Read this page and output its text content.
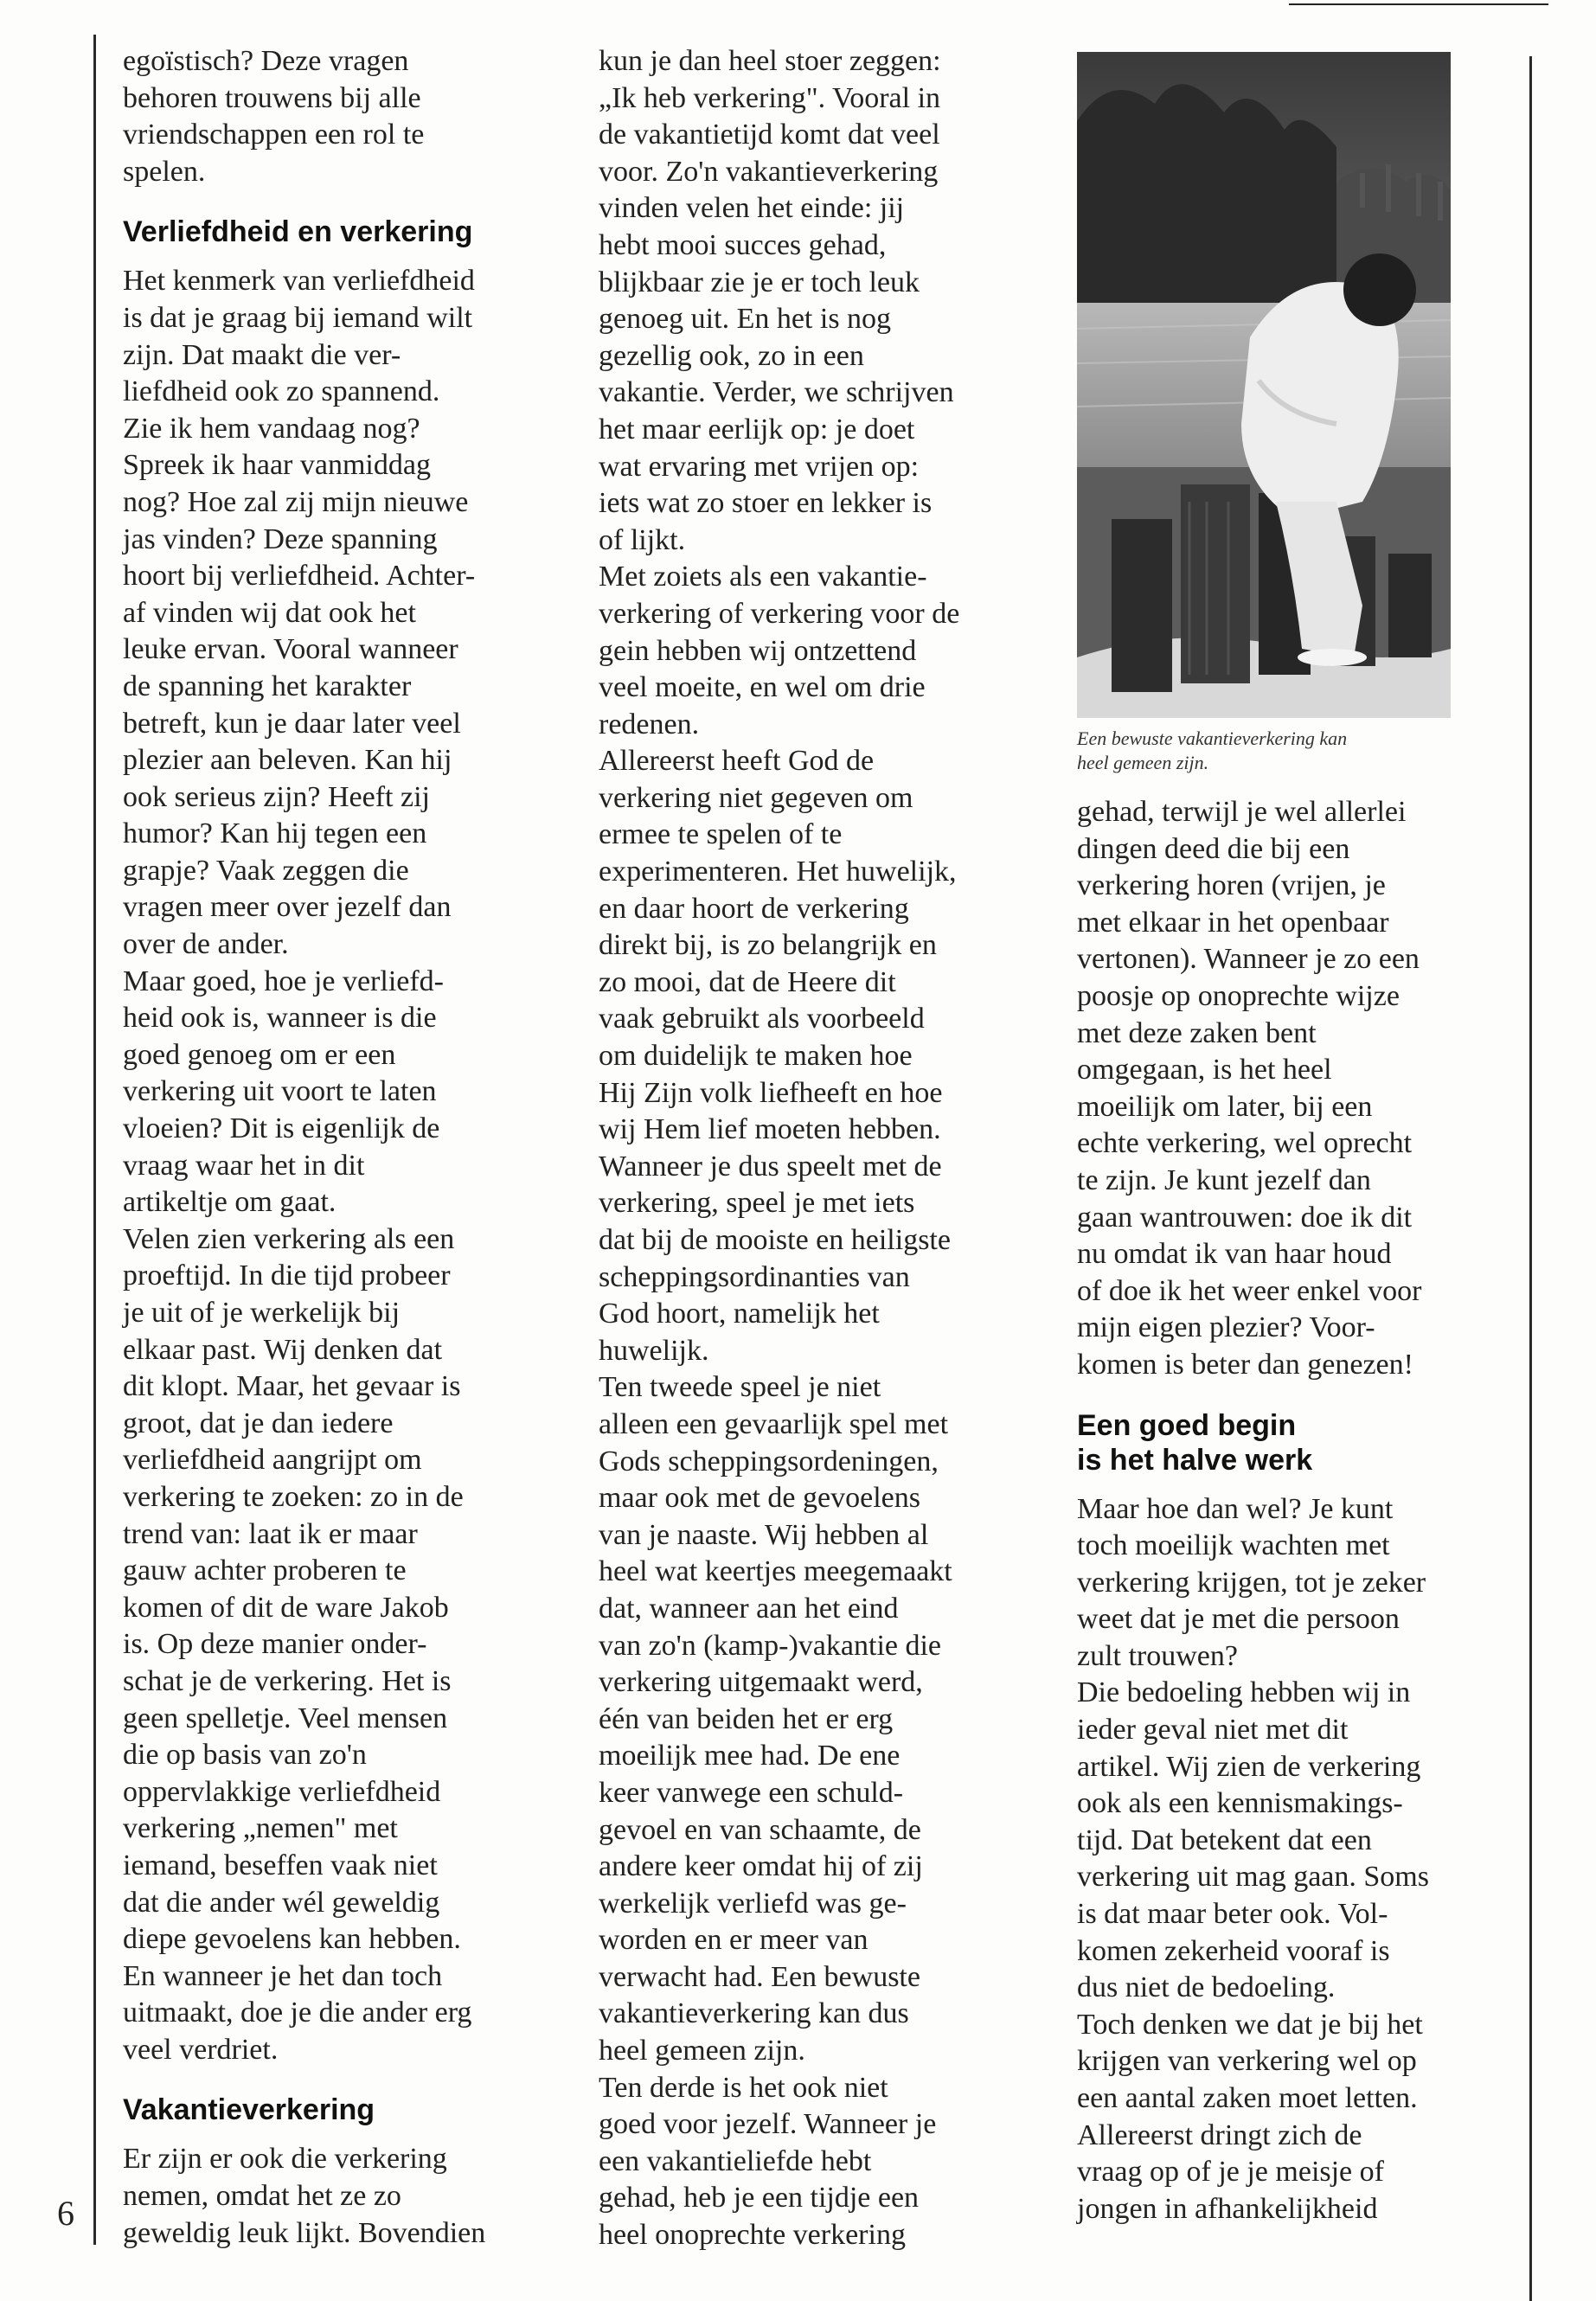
6

egoïstisch? Deze vragen
behoren trouwens bij alle
vriendschappen een rol te
spelen.

Verliefdheid en verkering

Het kenmerk van verliefdheid
is dat je graag bij iemand wilt
zijn. Dat maakt die ver-
liefdheid ook zo spannend.
Zie ik hem vandaag nog?
Spreek ik haar vanmiddag
nog? Hoe zal zij mijn nieuwe
jas vinden? Deze spanning
hoort bij verliefdheid. Achter-
af vinden wij dat ook het
leuke ervan. Vooral wanneer
de spanning het karakter
betreft, kun je daar later veel
plezier aan beleven. Kan hij
ook serieus zijn? Heeft zij
humor? Kan hij tegen een
grapje? Vaak zeggen die
vragen meer over jezelf dan
over de ander.

Maar goed, hoe je verliefd-
heid ook is, wanneer is die
goed genoeg om er een
verkering uit voort te laten
vloeien? Dit is eigenlijk de
vraag waar het in dit
artikeltje om gaat.

Velen zien verkering als een
proeftijd. In die tijd probeer
je uit of je werkelijk bij
elkaar past. Wij denken dat
dit klopt. Maar, het gevaar is
groot, dat je dan iedere
verliefdheid aangrijpt om
verkering te zoeken: zo in de
trend van: laat ik er maar
gauw achter proberen te
komen of dit de ware Jakob
is. Op deze manier onder-
schat je de verkering. Het is
geen spelletje. Veel mensen
die op basis van zo'n
oppervlakkige verliefdheid
verkering „nemen" met
iemand, beseffen vaak niet
dat die ander wél geweldig
diepe gevoelens kan hebben.
En wanneer je het dan toch
uitmaakt, doe je die ander erg
veel verdriet.

Vakantieverkering

Er zijn er ook die verkering
nemen, omdat het ze zo
geweldig leuk lijkt. Bovendien

kun je dan heel stoer zeggen:
„Ik heb verkering". Vooral in
de vakantietijd komt dat veel
voor. Zo'n vakantieverkering
vinden velen het einde: jij
hebt mooi succes gehad,
blijkbaar zie je er toch leuk
genoeg uit. En het is nog
gezellig ook, zo in een
vakantie. Verder, we schrijven
het maar eerlijk op: je doet
wat ervaring met vrijen op:
iets wat zo stoer en lekker is
of lijkt.

Met zoiets als een vakantie-
verkering of verkering voor de
gein hebben wij ontzettend
veel moeite, en wel om drie
redenen.

Allereerst heeft God de
verkering niet gegeven om
ermee te spelen of te
experimenteren. Het huwelijk,
en daar hoort de verkering
direkt bij, is zo belangrijk en
zo mooi, dat de Heere dit
vaak gebruikt als voorbeeld
om duidelijk te maken hoe
Hij Zijn volk liefheeft en hoe
wij Hem lief moeten hebben.
Wanneer je dus speelt met de
verkering, speel je met iets
dat bij de mooiste en heiligste
scheppingsordinanties van
God hoort, namelijk het
huwelijk.

Ten tweede speel je niet
alleen een gevaarlijk spel met
Gods scheppingsordeningen,
maar ook met de gevoelens
van je naaste. Wij hebben al
heel wat keertjes meegemaakt
dat, wanneer aan het eind
van zo'n (kamp-)vakantie die
verkering uitgemaakt werd,
één van beiden het er erg
moeilijk mee had. De ene
keer vanwege een schuld-
gevoel en van schaamte, de
andere keer omdat hij of zij
werkelijk verliefd was ge-
worden en er meer van
verwacht had. Een bewuste
vakantieverkering kan dus
heel gemeen zijn.

Ten derde is het ook niet
goed voor jezelf. Wanneer je
een vakantieliefde hebt
gehad, heb je een tijdje een
heel onoprechte verkering

Een bewuste vakantieverkering kan
heel gemeen zijn.

gehad, terwijl je wel allerlei
dingen deed die bij een
verkering horen (vrijen, je
met elkaar in het openbaar
vertonen). Wanneer je zo een
poosje op onoprechte wijze
met deze zaken bent
omgegaan, is het heel
moeilijk om later, bij een
echte verkering, wel oprecht
te zijn. Je kunt jezelf dan
gaan wantrouwen: doe ik dit
nu omdat ik van haar houd
of doe ik het weer enkel voor
mijn eigen plezier? Voor-
komen is beter dan genezen!

Een goed begin
is het halve werk

Maar hoe dan wel? Je kunt
toch moeilijk wachten met
verkering krijgen, tot je zeker
weet dat je met die persoon
zult trouwen?

Die bedoeling hebben wij in
ieder geval niet met dit
artikel. Wij zien de verkering
ook als een kennismakings-
tijd. Dat betekent dat een
verkering uit mag gaan. Soms
is dat maar beter ook. Vol-
komen zekerheid vooraf is
dus niet de bedoeling.

Toch denken we dat je bij het
krijgen van verkering wel op
een aantal zaken moet letten.
Allereerst dringt zich de
vraag op of je je meisje of
jongen in afhankelijkheid
